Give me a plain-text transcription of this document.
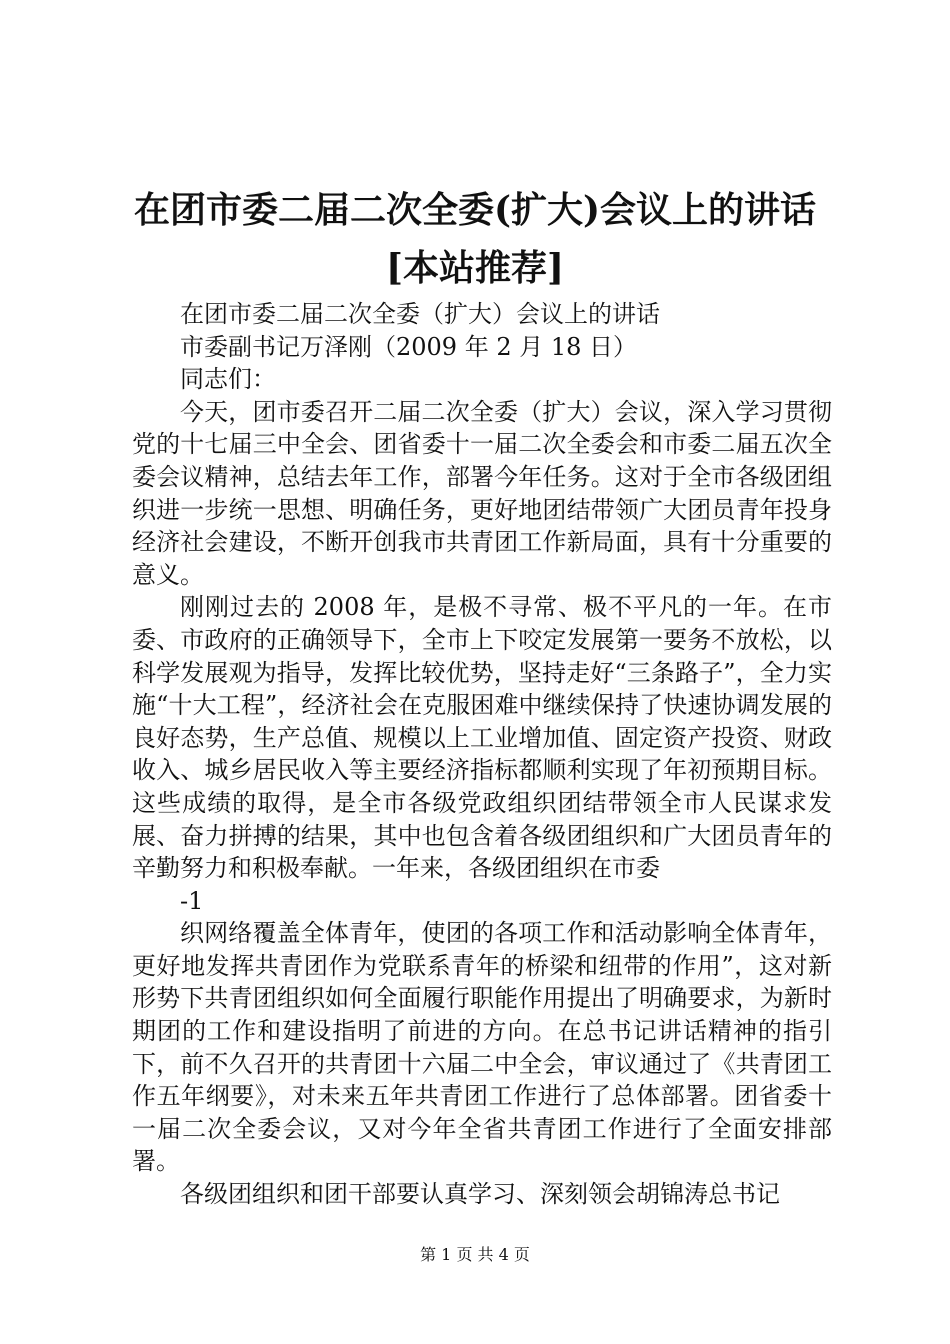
在团市委二届二次全委(扩大)会议上的讲话
[本站推荐]

在团市委二届二次全委（扩大）会议上的讲话

市委副书记万泽刚（2009 年 2 月 18 日）

同志们：

今天，团市委召开二届二次全委（扩大）会议，深入学习贯彻党的十七届三中全会、团省委十一届二次全委会和市委二届五次全委会议精神，总结去年工作，部署今年任务。这对于全市各级团组织进一步统一思想、明确任务，更好地团结带领广大团员青年投身经济社会建设，不断开创我市共青团工作新局面，具有十分重要的意义。

刚刚过去的 2008 年，是极不寻常、极不平凡的一年。在市委、市政府的正确领导下，全市上下咬定发展第一要务不放松，以科学发展观为指导，发挥比较优势，坚持走好“三条路子”，全力实施“十大工程”，经济社会在克服困难中继续保持了快速协调发展的良好态势，生产总值、规模以上工业增加值、固定资产投资、财政收入、城乡居民收入等主要经济指标都顺利实现了年初预期目标。这些成绩的取得，是全市各级党政组织团结带领全市人民谋求发展、奋力拼搏的结果，其中也包含着各级团组织和广大团员青年的辛勤努力和积极奉献。一年来，各级团组织在市委

-1

织网络覆盖全体青年，使团的各项工作和活动影响全体青年，更好地发挥共青团作为党联系青年的桥梁和纽带的作用”，这对新形势下共青团组织如何全面履行职能作用提出了明确要求，为新时期团的工作和建设指明了前进的方向。在总书记讲话精神的指引下，前不久召开的共青团十六届二中全会，审议通过了《共青团工作五年纲要》，对未来五年共青团工作进行了总体部署。团省委十一届二次全委会议，又对今年全省共青团工作进行了全面安排部署。

各级团组织和团干部要认真学习、深刻领会胡锦涛总书记

第 1 页 共 4 页
